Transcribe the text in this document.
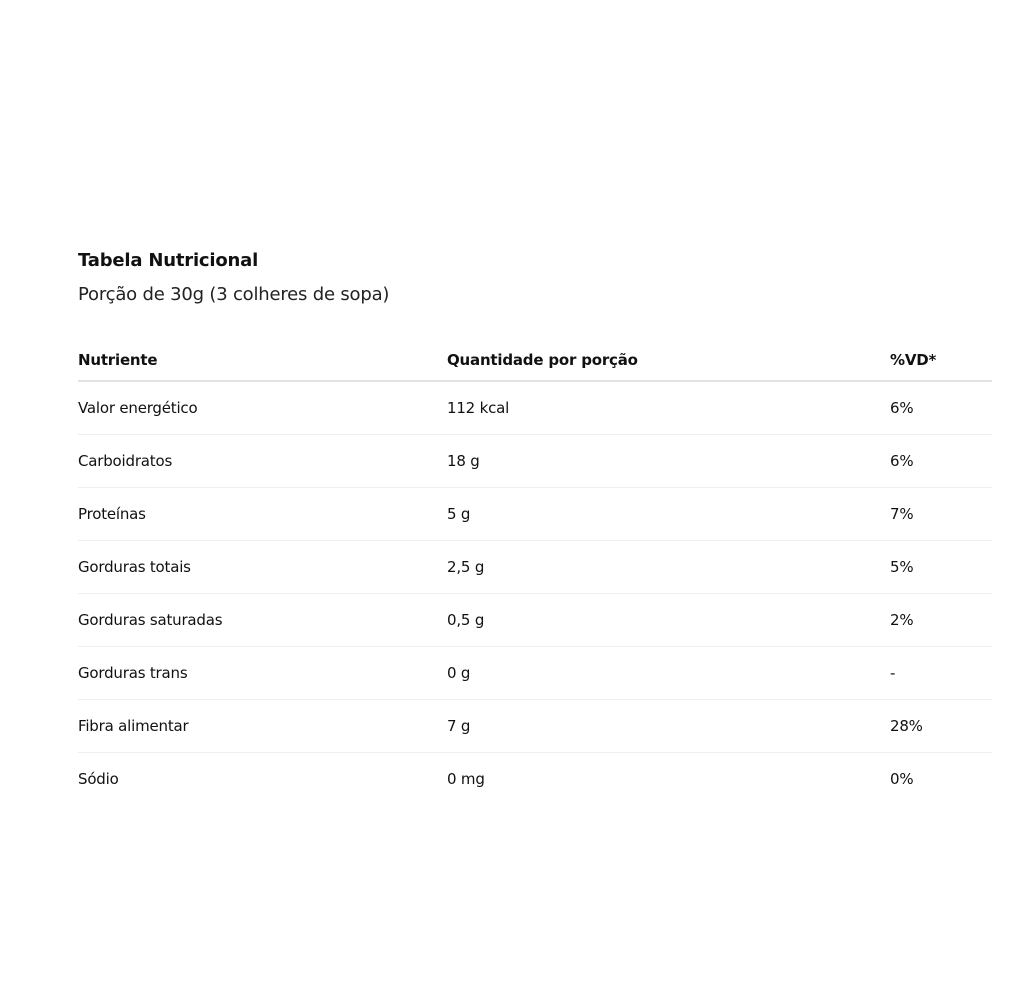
Tabela Nutricional
Porção de 30g (3 colheres de sopa)
Nutriente	Quantidade por porção	%VD*
Valor energético	112 kcal	6%
Carboidratos	18 g	6%
Proteínas	5 g	7%
Gorduras totais	2,5 g	5%
Gorduras saturadas	0,5 g	2%
Gorduras trans	0 g	-
Fibra alimentar	7 g	28%
Sódio	0 mg	0%
